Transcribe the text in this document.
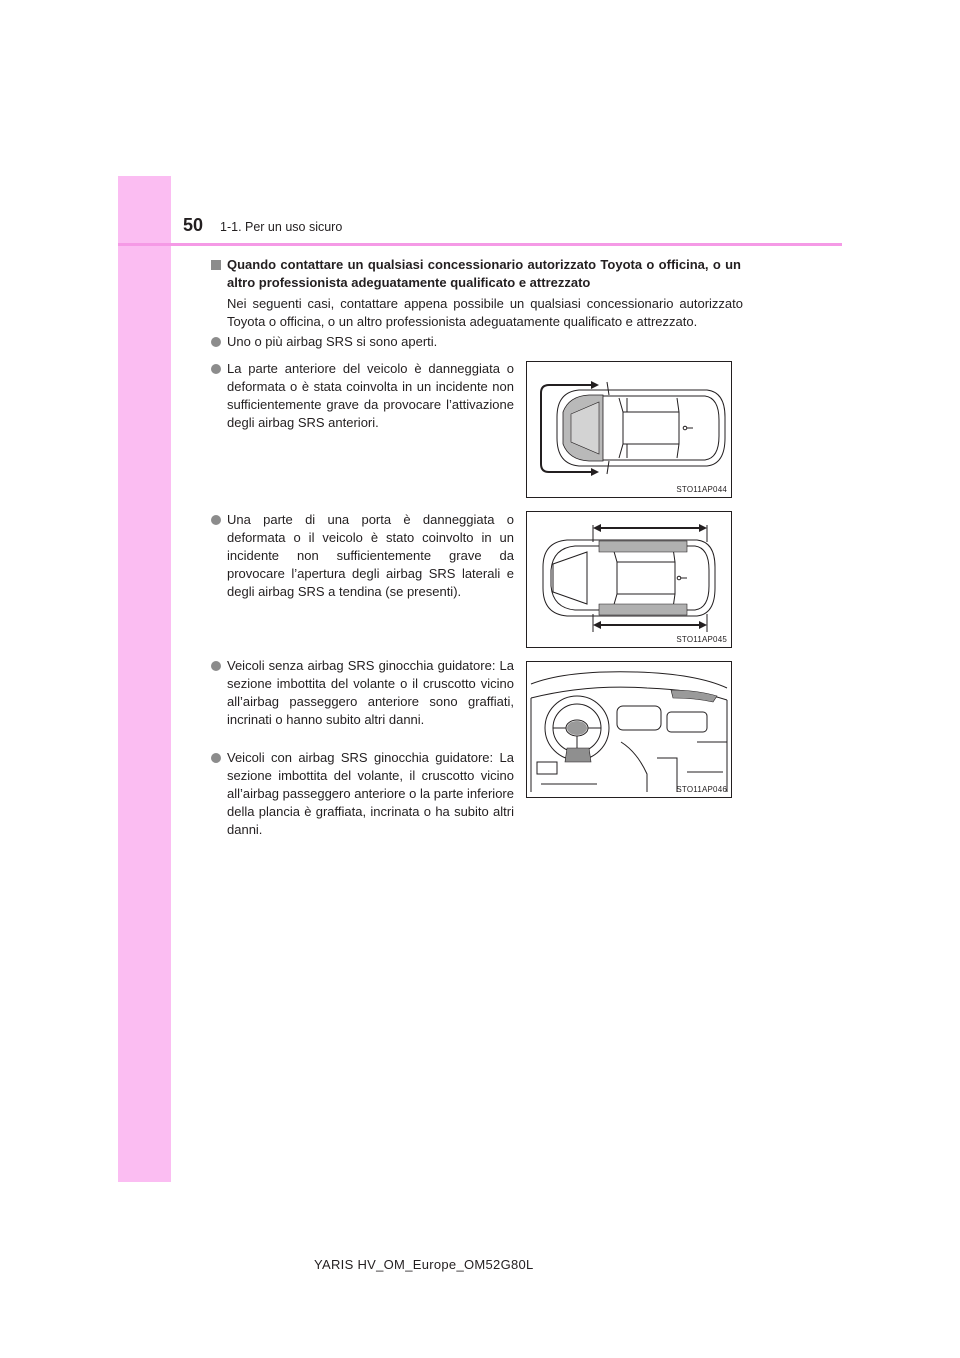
50 1-1. Per un uso sicuro
Quando contattare un qualsiasi concessionario autorizzato Toyota o officina, o un altro professionista adeguatamente qualificato e attrezzato
Nei seguenti casi, contattare appena possibile un qualsiasi concessionario autorizzato Toyota o officina, o un altro professionista adeguatamente qualificato e attrezzato.
Uno o più airbag SRS si sono aperti.
La parte anteriore del veicolo è danneggiata o deformata o è stata coinvolta in un incidente non sufficientemente grave da provocare l’attivazione degli airbag SRS anteriori.
Una parte di una porta è danneggiata o deformata o il veicolo è stato coinvolto in un incidente non sufficientemente grave da provocare l’apertura degli airbag SRS laterali e degli airbag SRS a tendina (se presenti).
Veicoli senza airbag SRS ginocchia guidatore: La sezione imbottita del volante o il cruscotto vicino all’airbag passeggero anteriore sono graffiati, incrinati o hanno subito altri danni.
Veicoli con airbag SRS ginocchia guidatore: La sezione imbottita del volante, il cruscotto vicino all’airbag passeggero anteriore o la parte inferiore della plancia è graffiata, incrinata o ha subito altri danni.
STO11AP044
STO11AP045
STO11AP046
YARIS HV_OM_Europe_OM52G80L
